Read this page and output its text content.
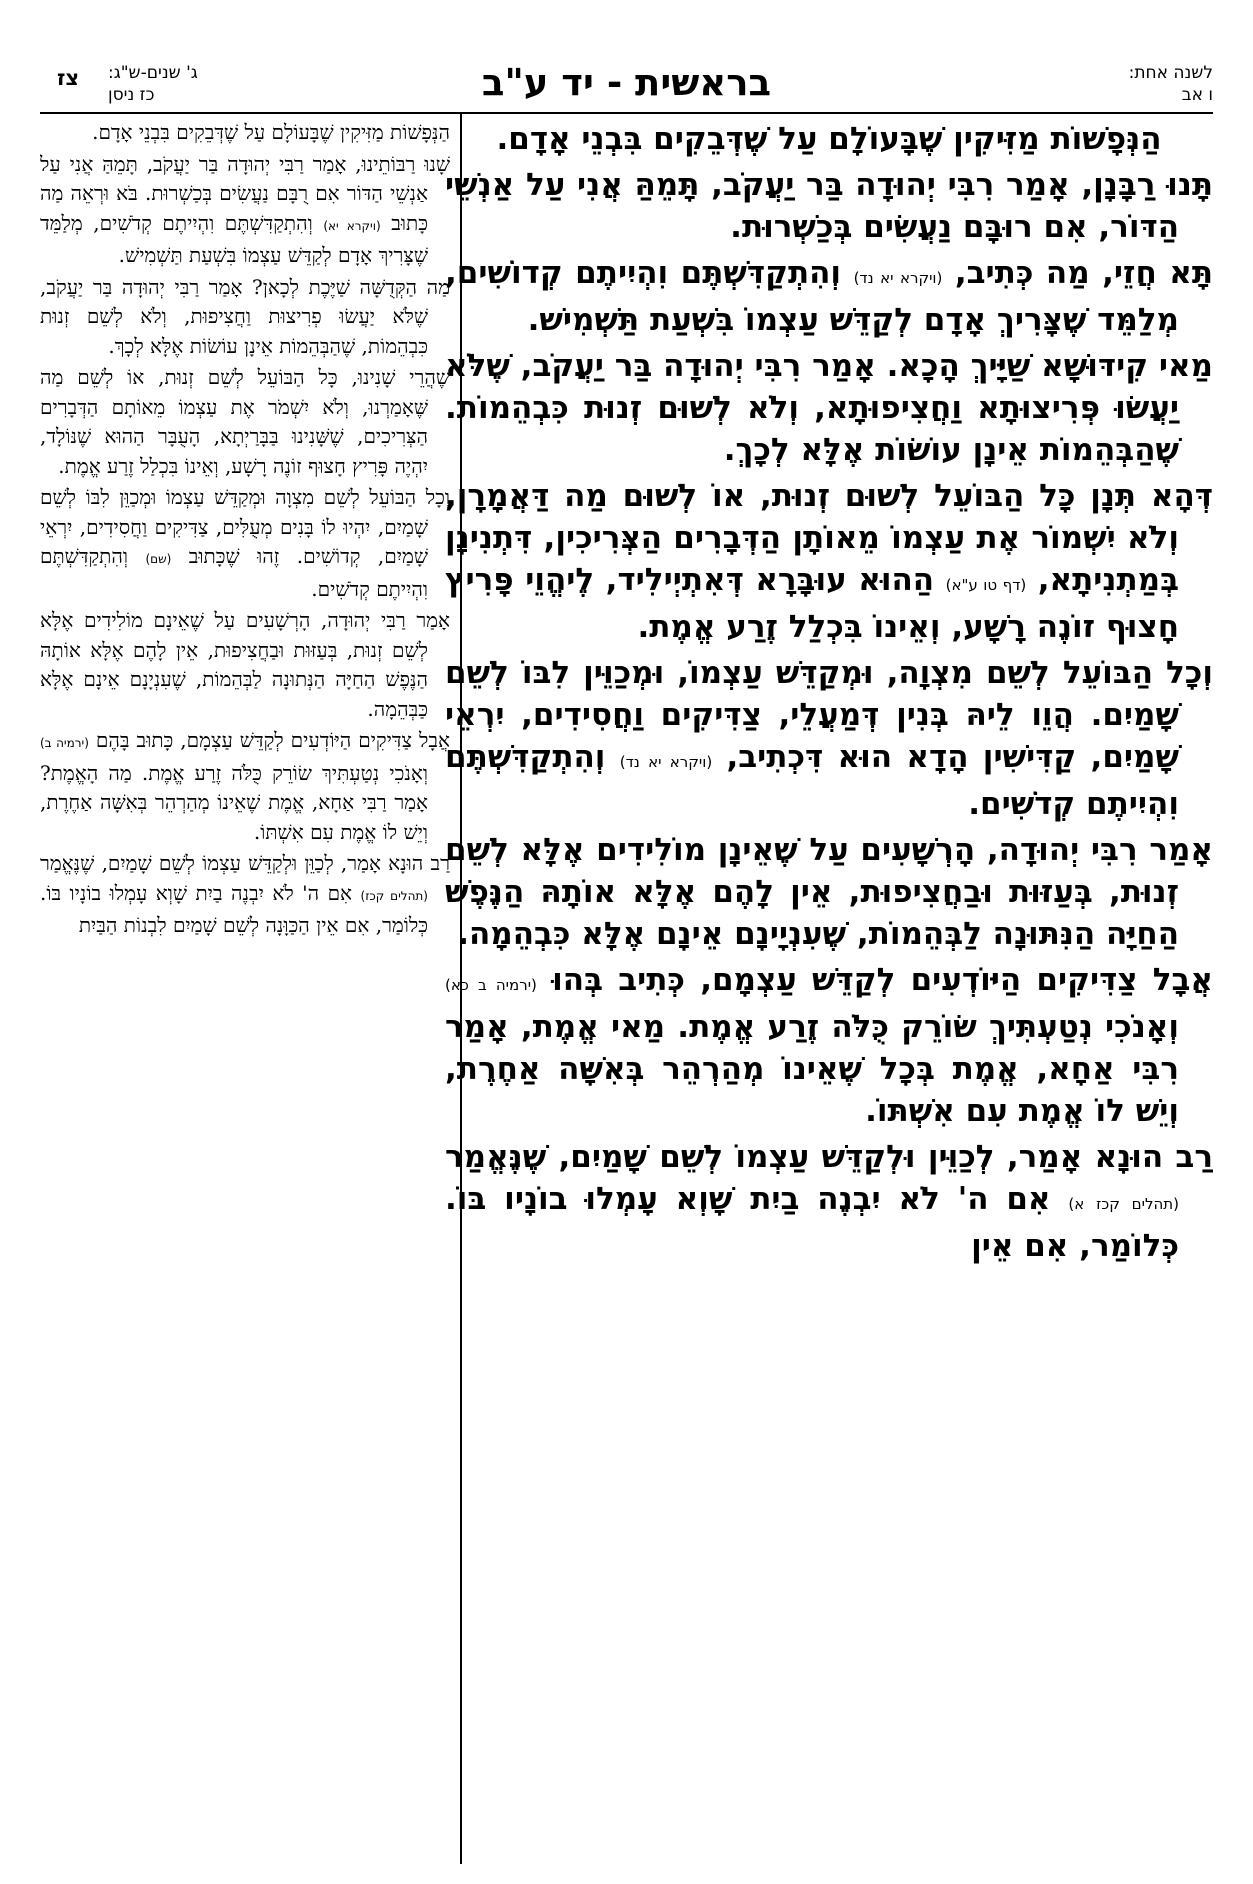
לשנה אחת:
ו אב
בראשית - יד ע"ב
ג' שנים-ש"ג:
כז ניסן
צז

הַנְּפָשׁוֹת מַזִּיקִין שֶׁבָּעוֹלָם עַל שֶׁדְּבֵקִים בִּבְנֵי אָדָם.

תָּנוּ רַבָּנָן, אָמַר רִבִּי יְהוּדָה בַּר יַעֲקֹב, תָּמֵהַּ אֲנִי עַל אַנְשֵׁי הַדּוֹר, אִם רוּבָּם נַעֲשִׂים בְּכַשְׁרוּת.

תָּא חֲזֵי, מַה כְּתִיב, (ויקרא יא נד) וְהִתְקַדִּשְׁתֶּם וִהְיִיתֶם קְדוֹשִׁים, מְלַמֵּד שֶׁצָּרִיךְ אָדָם לְקַדֵּשׁ עַצְמוֹ בִּשְׁעַת תַּשְׁמִישׁ.

מַאי קִידּוּשָׁא שַׁיָּיךְ הָכָא. אָמַר רִבִּי יְהוּדָה בַּר יַעֲקֹב, שֶׁלֹּא יַעֲשׂוּ פְּרִיצוּתָא וַחֲצִיפוּתָא, וְלֹא לְשׁוּם זְנוּת כִּבְהֵמוֹת. שֶׁהַבְּהֵמוֹת אֵינָן עוֹשׂוֹת אֶלָּא לְכָךְ.

דְּהָא תְּנָן כָּל הַבּוֹעֵל לְשׁוּם זְנוּת, אוֹ לְשׁוּם מַה דַּאֲמָרָן, וְלֹא יִשְׁמוֹר אֶת עַצְמוֹ מֵאוֹתָן הַדְּבָרִים הַצְּרִיכִין, דִּתְנִינָן בְּמַתְנִיתָא, (דף טו ע"א) הַהוּא עוּבָּרָא דְּאִתְיְילִיד, לֶיהֱוֵי פָּרִיץ חָצוּף זוֹנֶה רָשָׁע, וְאֵינוֹ בִּכְלַל זֶרַע אֱמֶת.

וְכָל הַבּוֹעֵל לְשֵׁם מִצְוָה, וּמְקַדֵּשׁ עַצְמוֹ, וּמְכַוֵּין לִבּוֹ לְשֵׁם שָׁמַיִם. הֲוֵו לֵיהּ בְּנִין דְּמַעֲלֵי, צַדִּיקִים וַחֲסִידִים, יִרְאֵי שָׁמַיִם, קַדִּישִׁין הָדָא הוּא דִּכְתִיב, (ויקרא יא נד) וְהִתְקַדִּשְׁתֶּם וִהְיִיתֶם קְדֹשִׁים.

אָמַר רִבִּי יְהוּדָה, הָרְשָׁעִים עַל שֶׁאֵינָן מוֹלִידִים אֶלָּא לְשֵׁם זְנוּת, בְּעַזּוּת וּבַחֲצִיפוּת, אֵין לָהֶם אֶלָּא אוֹתָהּ הַנֶּפֶשׁ הַחַיָּה הַנִּתּוּנָה לַבְּהֵמוֹת, שֶׁעִנְיָינָם אֵינָם אֶלָּא כִּבְהֵמָה.

אֲבָל צַדִּיקִים הַיּוֹדְעִים לְקַדֵּשׁ עַצְמָם, כְּתִיב בְּהוּ (ירמיה ב כא) וְאָנֹכִי נְטַעְתִּיךְ שׂוֹרֵק כֻּלֹּה זֶרַע אֱמֶת. מַאי אֱמֶת, אָמַר רִבִּי אַחָא, אֱמֶת בְּכָל שֶׁאֵינוֹ מְהַרְהֵר בְּאִשָּׁה אַחֶרֶת, וְיֵשׁ לוֹ אֱמֶת עִם אִשְׁתּוֹ.

רַב הוּנָא אָמַר, לְכַוֵּין וּלְקַדֵּשׁ עַצְמוֹ לְשֵׁם שָׁמַיִם, שֶׁנֶּאֱמַר (תהלים קכז א) אִם ה' לֹא יִבְנֶה בַיִת שָׁוְא עָמְלוּ בוֹנָיו בּוֹ. כְּלוֹמַר, אִם אֵין

הַנְּפָשׁוֹת מַזִּיקִין שֶׁבָּעוֹלָם עַל שֶׁדְּבֵקִים בִּבְנֵי אָדָם.

שָׁנוּ רַבּוֹתֵינוּ, אָמַר רַבִּי יְהוּדָה בַּר יַעֲקֹב, תָּמֵהַּ אֲנִי עַל אַנְשֵׁי הַדּוֹר אִם רֻבָּם נַעֲשִׂים בְּכַשְׁרוּת. בֹּא וּרְאֵה מַה כָּתוּב (ויקרא יא) וְהִתְקַדִּשְׁתֶּם וִהְיִיתֶם קְדֹשִׁים, מְלַמֵּד שֶׁצָּרִיךְ אָדָם לְקַדֵּשׁ עַצְמוֹ בִּשְׁעַת תַּשְׁמִישׁ.

מַה הַקְּדֻשָּׁה שַׁיֶּכֶת לְכָאן? אָמַר רַבִּי יְהוּדָה בַּר יַעֲקֹב, שֶׁלֹּא יַעֲשׂוּ פְרִיצוּת וַחֲצִיפוּת, וְלֹא לְשֵׁם זְנוּת כִּבְהֵמוֹת, שֶׁהַבְּהֵמוֹת אֵינָן עוֹשׂוֹת אֶלָּא לְכָךְ.

שֶׁהֲרֵי שָׁנִינוּ, כָּל הַבּוֹעֵל לְשֵׁם זְנוּת, אוֹ לְשֵׁם מַה שֶּׁאָמַרְנוּ, וְלֹא יִשְׁמֹר אֶת עַצְמוֹ מֵאוֹתָם הַדְּבָרִים הַצְּרִיכִים, שֶׁשָּׁנִינוּ בַּבָּרַיְתָא, הָעֻבָּר הַהוּא שֶׁנּוֹלָד, יִהְיֶה פָּרִיץ חָצוּף זוֹנֶה רָשָׁע, וְאֵינוֹ בִּכְלַל זֶרַע אֱמֶת.

וְכָל הַבּוֹעֵל לְשֵׁם מִצְוָה וּמְקַדֵּשׁ עַצְמוֹ וּמְכַוֵּן לִבּוֹ לְשֵׁם שָׁמַיִם, יִהְיוּ לוֹ בָּנִים מְעֻלִּים, צַדִּיקִים וַחֲסִידִים, יִרְאֵי שָׁמַיִם, קְדוֹשִׁים. זֶהוּ שֶׁכָּתוּב (שם) וְהִתְקַדִּשְׁתֶּם וִהְיִיתֶם קְדֹשִׁים.

אָמַר רַבִּי יְהוּדָה, הָרְשָׁעִים עַל שֶׁאֵינָם מוֹלִידִים אֶלָּא לְשֵׁם זְנוּת, בְּעַזּוּת וּבַחֲצִיפוּת, אֵין לָהֶם אֶלָּא אוֹתָהּ הַנֶּפֶשׁ הַחַיָּה הַנְּתוּנָה לַבְּהֵמוֹת, שֶׁעִנְיָנָם אֵינָם אֶלָּא כַּבְּהֵמָה.

אֲבָל צַדִּיקִים הַיּוֹדְעִים לְקַדֵּשׁ עַצְמָם, כָּתוּב בָּהֶם (ירמיה ב) וְאָנֹכִי נְטַעְתִּיךְ שׂוֹרֵק כֻּלֹּה זֶרַע אֱמֶת. מַה הָאֱמֶת? אָמַר רַבִּי אַחָא, אֱמֶת שֶׁאֵינוֹ מְהַרְהֵר בְּאִשָּׁה אַחֶרֶת, וְיֵשׁ לוֹ אֱמֶת עִם אִשְׁתּוֹ.

רַב הוּנָא אָמַר, לְכַוֵּן וּלְקַדֵּשׁ עַצְמוֹ לְשֵׁם שָׁמַיִם, שֶׁנֶּאֱמַר (תהלים קכז) אִם ה' לֹא יִבְנֶה בַיִת שָׁוְא עָמְלוּ בוֹנָיו בּוֹ. כְּלוֹמַר, אִם אֵין הַכַּוָּנָה לְשֵׁם שָׁמַיִם לִבְנוֹת הַבַּיִת
